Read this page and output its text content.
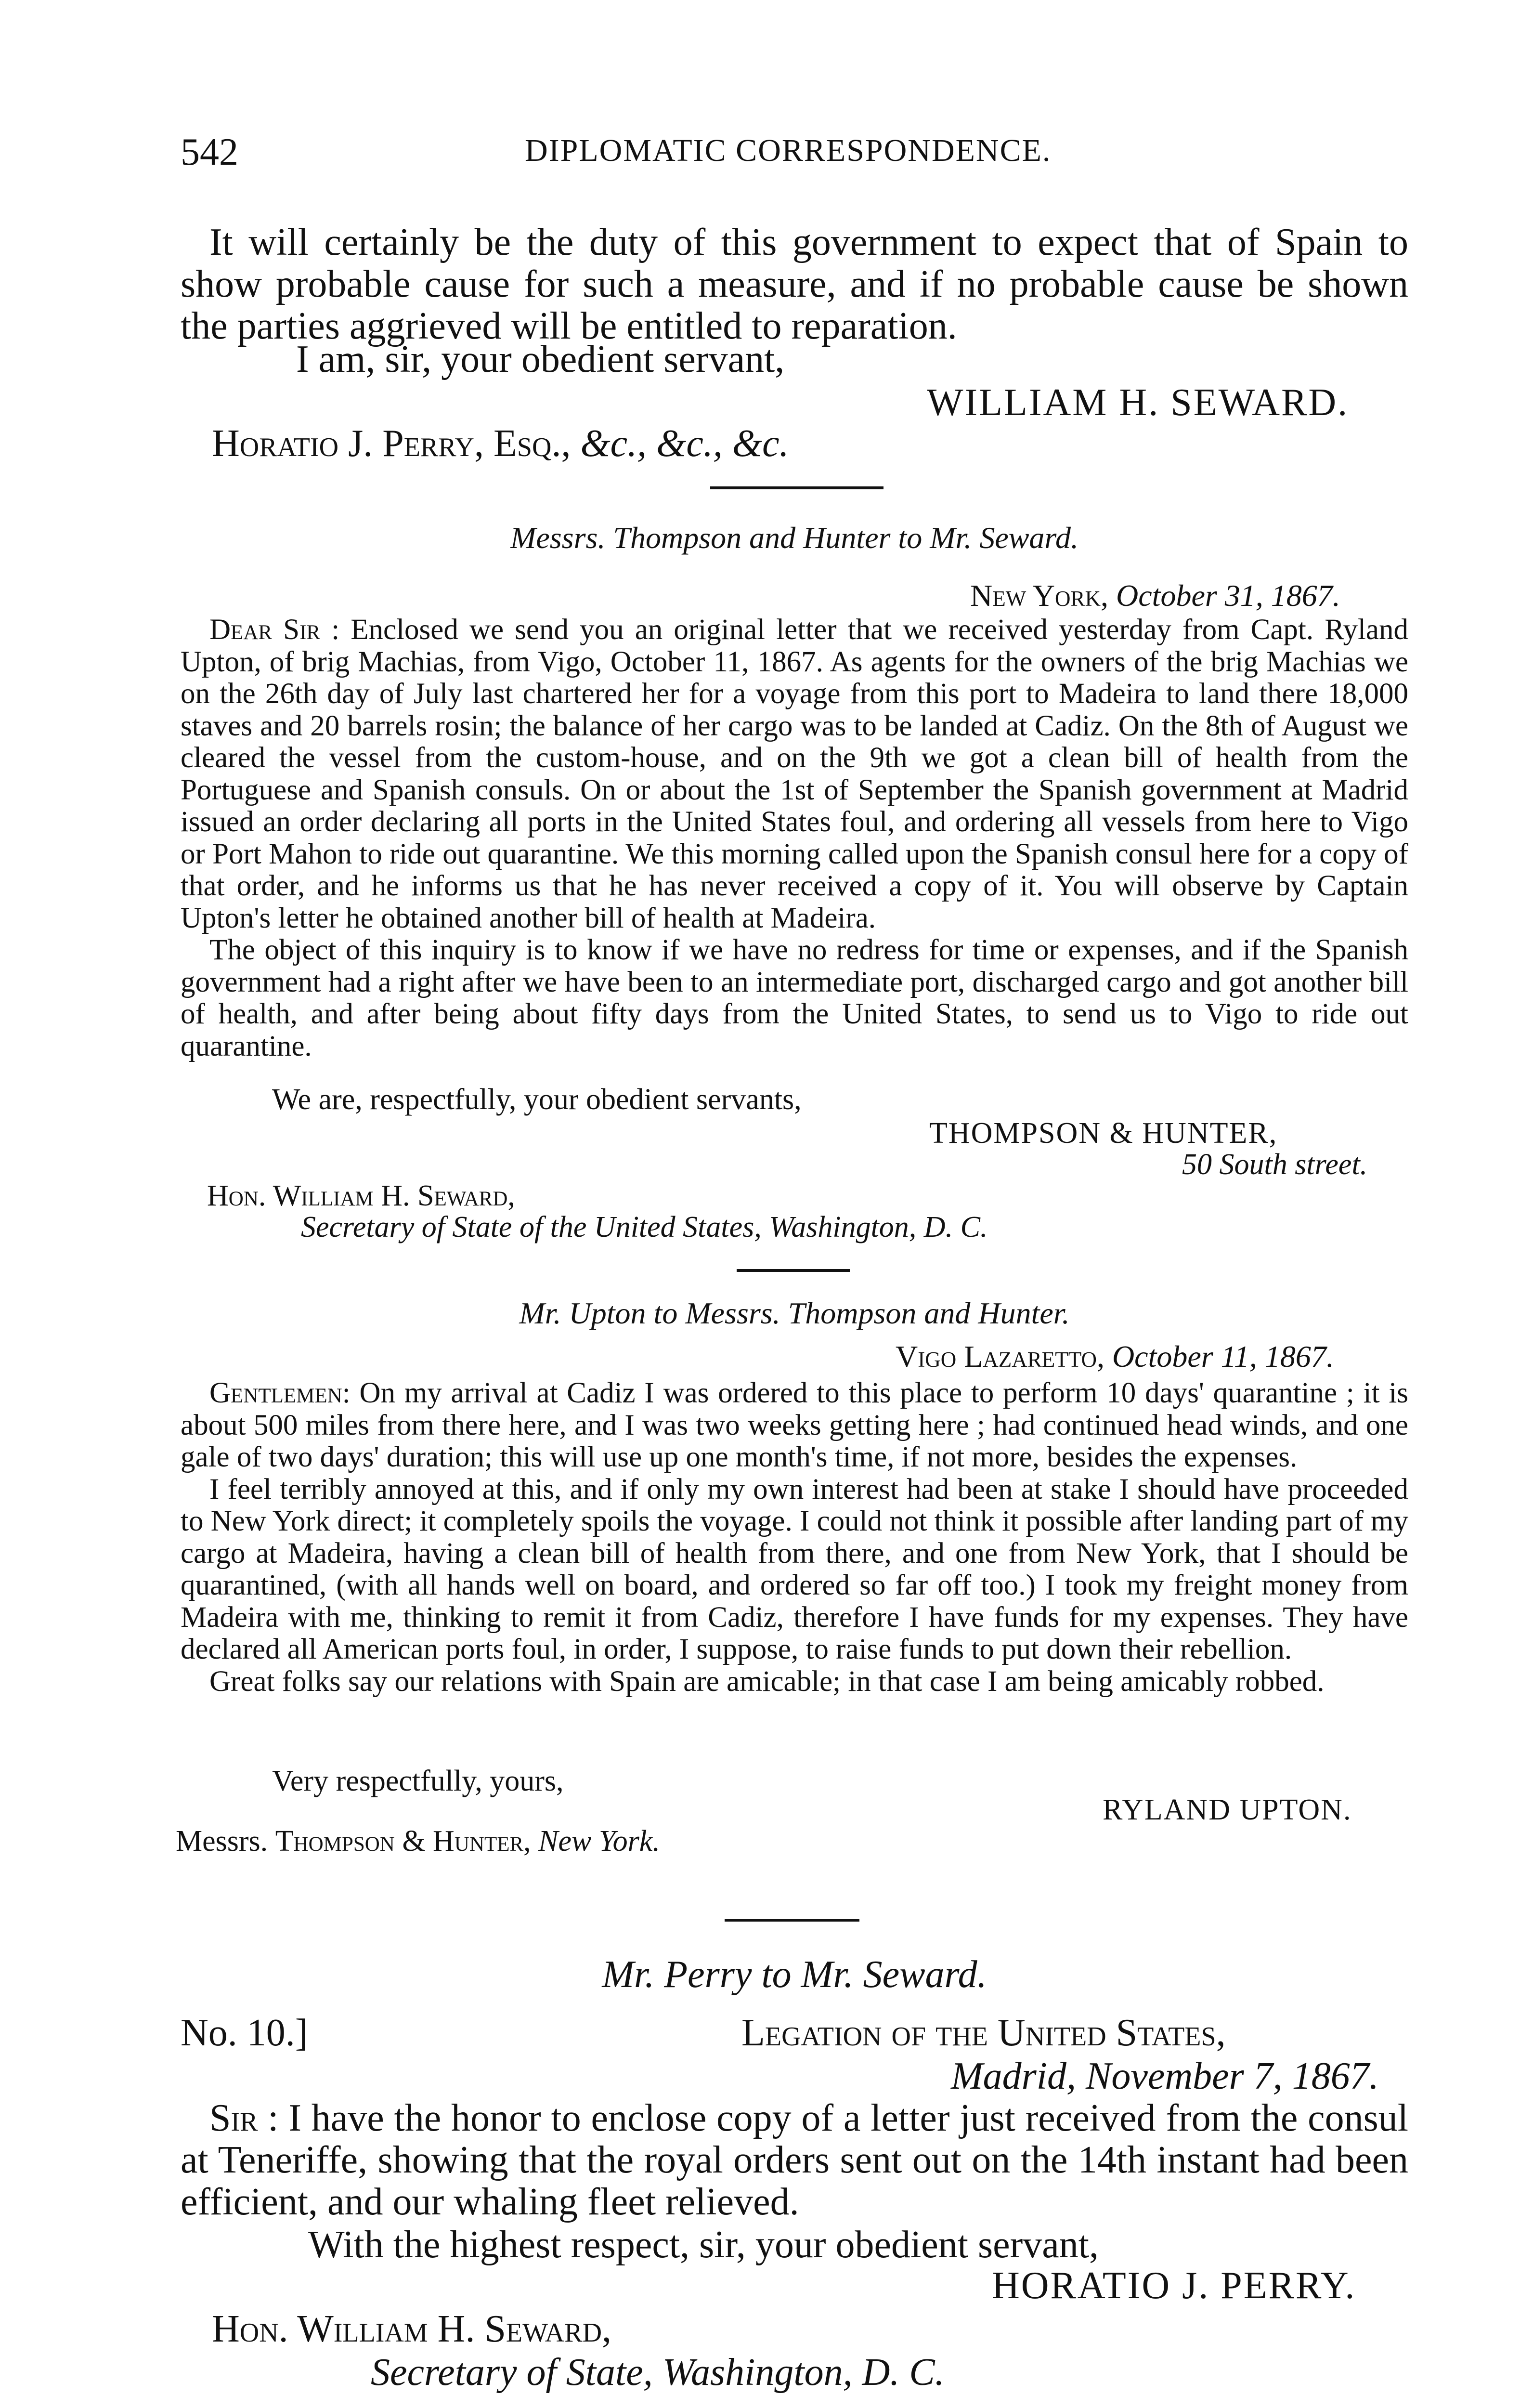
542	DIPLOMATIC CORRESPONDENCE.

It will certainly be the duty of this government to expect that of Spain to show probable cause for such a measure, and if no probable cause be shown the parties aggrieved will be entitled to reparation.

I am, sir, your obedient servant,
WILLIAM H. SEWARD.
Horatio J. Perry, Esq., &c., &c., &c.
Messrs. Thompson and Hunter to Mr. Seward.
New York, October 31, 1867.

Dear Sir : Enclosed we send you an original letter that we received yesterday from Capt. Ryland Upton, of brig Machias, from Vigo, October 11, 1867. As agents for the owners of the brig Machias we on the 26th day of July last chartered her for a voyage from this port to Madeira to land there 18,000 staves and 20 barrels rosin; the balance of her cargo was to be landed at Cadiz. On the 8th of August we cleared the vessel from the custom-house, and on the 9th we got a clean bill of health from the Portuguese and Spanish consuls. On or about the 1st of September the Spanish government at Madrid issued an order declaring all ports in the United States foul, and ordering all vessels from here to Vigo or Port Mahon to ride out quarantine. We this morning called upon the Spanish consul here for a copy of that order, and he informs us that he has never received a copy of it. You will observe by Captain Upton's letter he obtained another bill of health at Madeira.

The object of this inquiry is to know if we have no redress for time or expenses, and if the Spanish government had a right after we have been to an intermediate port, discharged cargo and got another bill of health, and after being about fifty days from the United States, to send us to Vigo to ride out quarantine.

We are, respectfully, your obedient servants,
THOMPSON & HUNTER,
50 South street.
Hon. William H. Seward,
Secretary of State of the United States, Washington, D. C.
Mr. Upton to Messrs. Thompson and Hunter.
Vigo Lazaretto, October 11, 1867.

Gentlemen: On my arrival at Cadiz I was ordered to this place to perform 10 days' quarantine ; it is about 500 miles from there here, and I was two weeks getting here ; had continued head winds, and one gale of two days' duration; this will use up one month's time, if not more, besides the expenses.

I feel terribly annoyed at this, and if only my own interest had been at stake I should have proceeded to New York direct; it completely spoils the voyage. I could not think it possible after landing part of my cargo at Madeira, having a clean bill of health from there, and one from New York, that I should be quarantined, (with all hands well on board, and ordered so far off too.) I took my freight money from Madeira with me, thinking to remit it from Cadiz, therefore I have funds for my expenses. They have declared all American ports foul, in order, I suppose, to raise funds to put down their rebellion.

Great folks say our relations with Spain are amicable; in that case I am being amicably robbed.

Very respectfully, yours,
RYLAND UPTON.
Messrs. Thompson & Hunter, New York.
Mr. Perry to Mr. Seward.
No. 10.]	Legation of the United States,
Madrid, November 7, 1867.

Sir : I have the honor to enclose copy of a letter just received from the consul at Teneriffe, showing that the royal orders sent out on the 14th instant had been efficient, and our whaling fleet relieved.

With the highest respect, sir, your obedient servant,
HORATIO J. PERRY.
Hon. William H. Seward,
Secretary of State, Washington, D. C.
